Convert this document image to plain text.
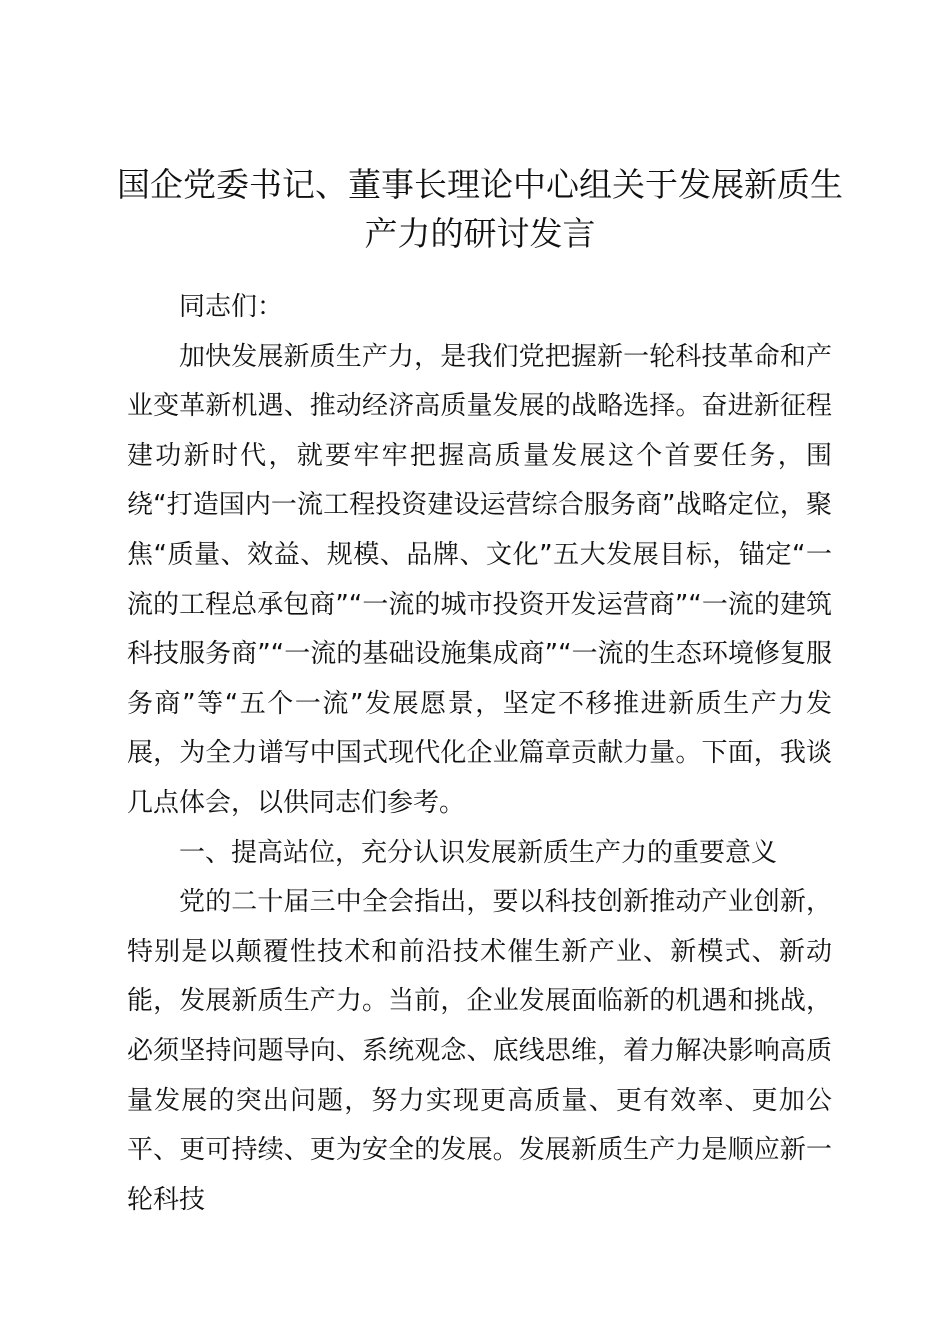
国企党委书记、董事长理论中心组关于发展新质生产力的研讨发言

同志们：

加快发展新质生产力，是我们党把握新一轮科技革命和产业变革新机遇、推动经济高质量发展的战略选择。奋进新征程建功新时代，就要牢牢把握高质量发展这个首要任务，围绕“打造国内一流工程投资建设运营综合服务商”战略定位，聚焦“质量、效益、规模、品牌、文化”五大发展目标，锚定“一流的工程总承包商”“一流的城市投资开发运营商”“一流的建筑科技服务商”“一流的基础设施集成商”“一流的生态环境修复服务商”等“五个一流”发展愿景，坚定不移推进新质生产力发展，为全力谱写中国式现代化企业篇章贡献力量。下面，我谈几点体会，以供同志们参考。

一、提高站位，充分认识发展新质生产力的重要意义

党的二十届三中全会指出，要以科技创新推动产业创新，特别是以颠覆性技术和前沿技术催生新产业、新模式、新动能，发展新质生产力。当前，企业发展面临新的机遇和挑战，必须坚持问题导向、系统观念、底线思维，着力解决影响高质量发展的突出问题，努力实现更高质量、更有效率、更加公平、更可持续、更为安全的发展。发展新质生产力是顺应新一轮科技
